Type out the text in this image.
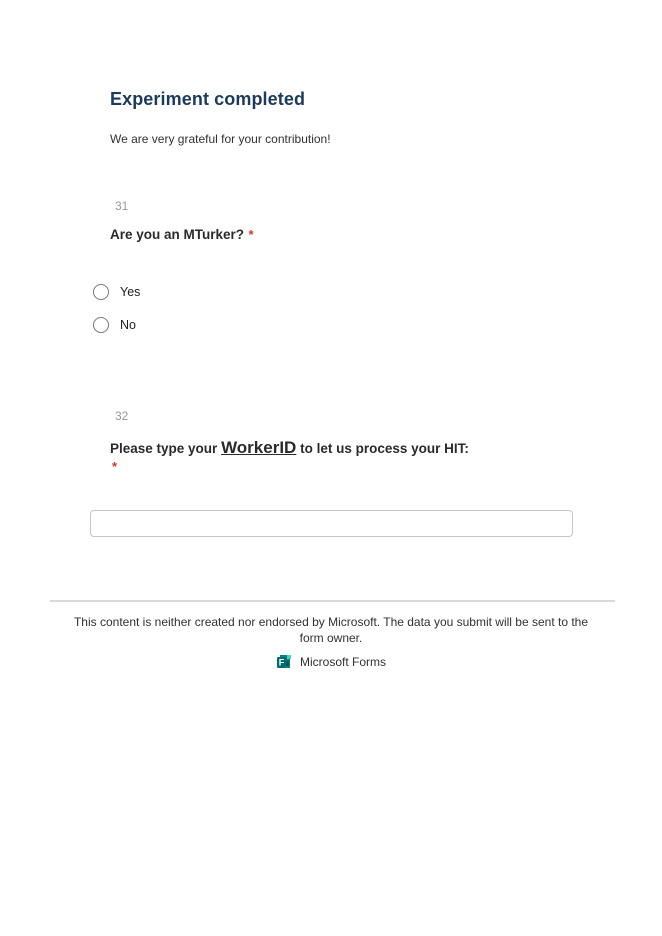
Experiment completed
We are very grateful for your contribution!
31
Are you an MTurker? *
Yes
No
32
Please type your WorkerID to let us process your HIT:
*
This content is neither created nor endorsed by Microsoft. The data you submit will be sent to the form owner.
F Microsoft Forms
